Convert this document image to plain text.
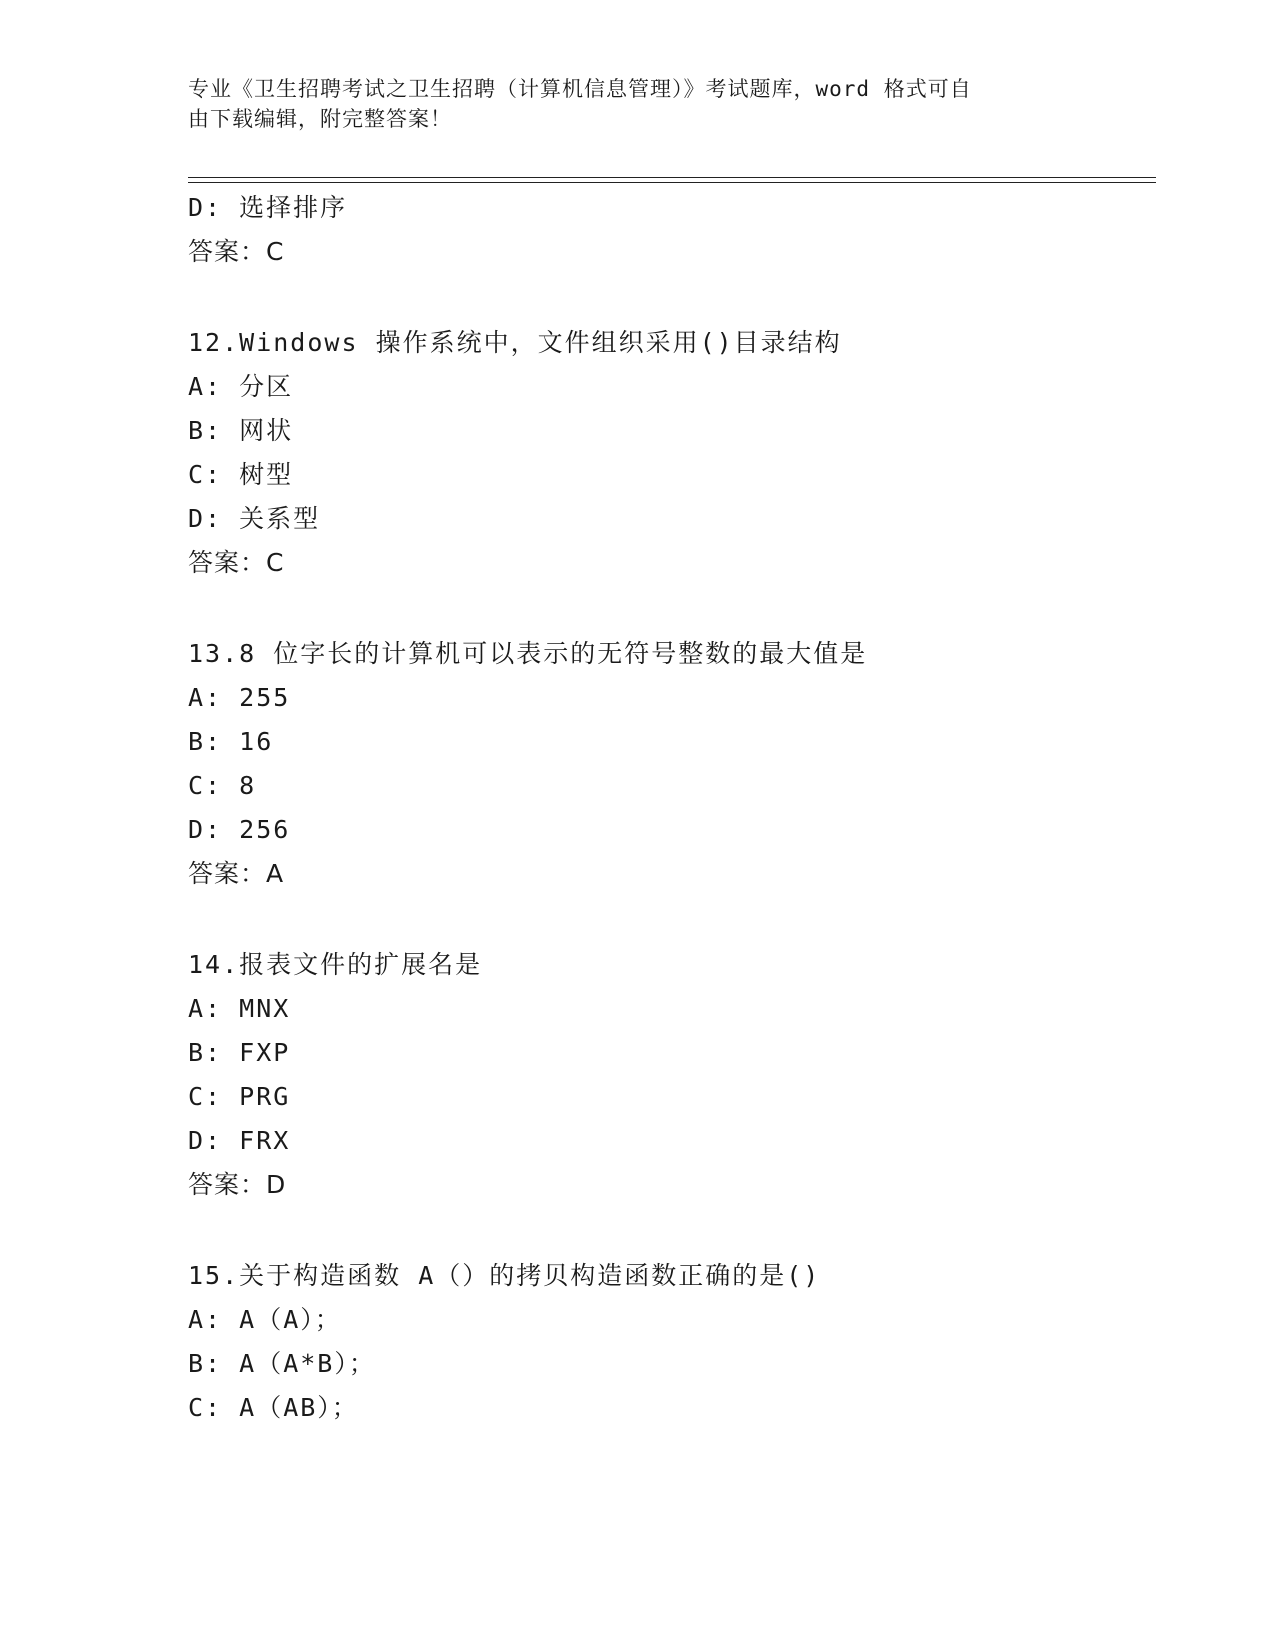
专业《卫生招聘考试之卫生招聘（计算机信息管理）》考试题库，word 格式可自
由下载编辑，附完整答案！
D: 选择排序
答案：C
12.Windows 操作系统中，文件组织采用()目录结构
A: 分区
B: 网状
C: 树型
D: 关系型
答案：C
13.8 位字长的计算机可以表示的无符号整数的最大值是
A: 255
B: 16
C: 8
D: 256
答案：A
14.报表文件的扩展名是
A: MNX
B: FXP
C: PRG
D: FRX
答案：D
15.关于构造函数 A（）的拷贝构造函数正确的是()
A: A（A）；
B: A（A*B）；
C: A（AB）；
